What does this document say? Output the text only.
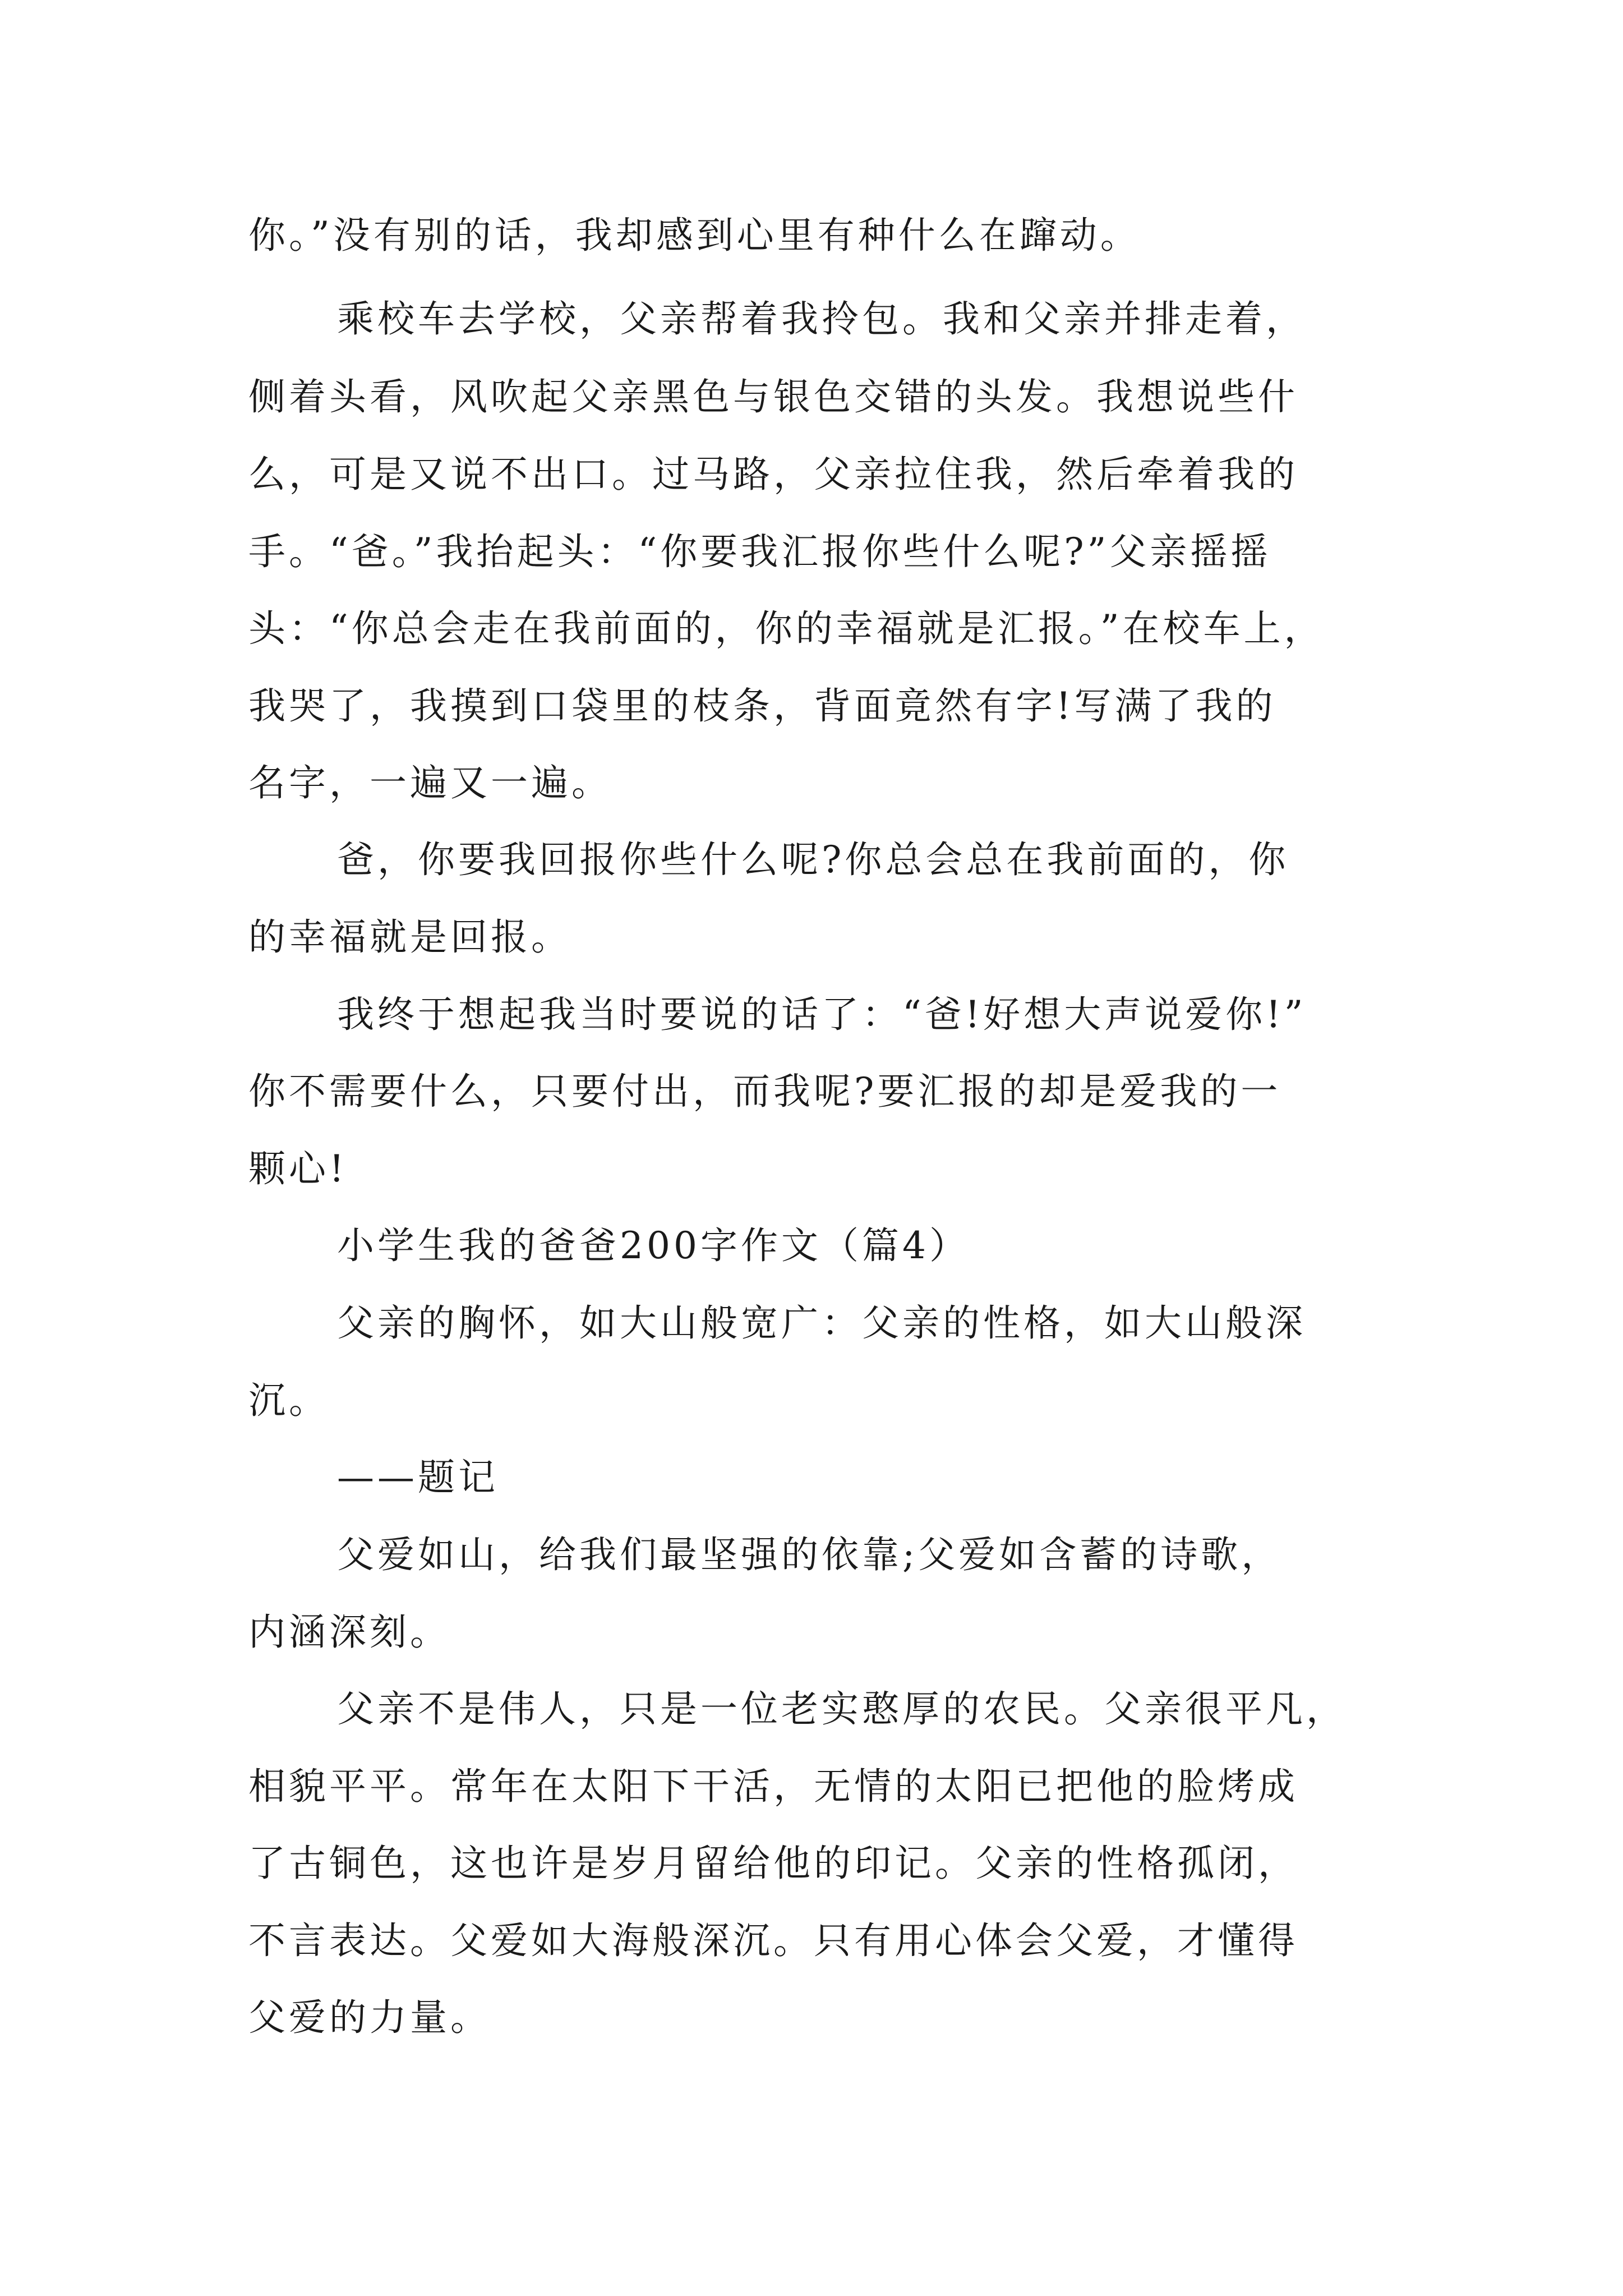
你。”没有别的话，我却感到心里有种什么在蹿动。
乘校车去学校，父亲帮着我拎包。我和父亲并排走着，
侧着头看，风吹起父亲黑色与银色交错的头发。我想说些什
么，可是又说不出口。过马路，父亲拉住我，然后牵着我的
手。“爸。”我抬起头：“你要我汇报你些什么呢?”父亲摇摇
头：“你总会走在我前面的，你的幸福就是汇报。”在校车上，
我哭了，我摸到口袋里的枝条，背面竟然有字!写满了我的
名字，一遍又一遍。
爸，你要我回报你些什么呢?你总会总在我前面的，你
的幸福就是回报。
我终于想起我当时要说的话了：“爸!好想大声说爱你!”
你不需要什么，只要付出，而我呢?要汇报的却是爱我的一
颗心!
小学生我的爸爸200字作文（篇4）
父亲的胸怀，如大山般宽广：父亲的性格，如大山般深
沉。
——题记
父爱如山，给我们最坚强的依靠;父爱如含蓄的诗歌，
内涵深刻。
父亲不是伟人，只是一位老实憨厚的农民。父亲很平凡，
相貌平平。常年在太阳下干活，无情的太阳已把他的脸烤成
了古铜色，这也许是岁月留给他的印记。父亲的性格孤闭，
不言表达。父爱如大海般深沉。只有用心体会父爱，才懂得
父爱的力量。
